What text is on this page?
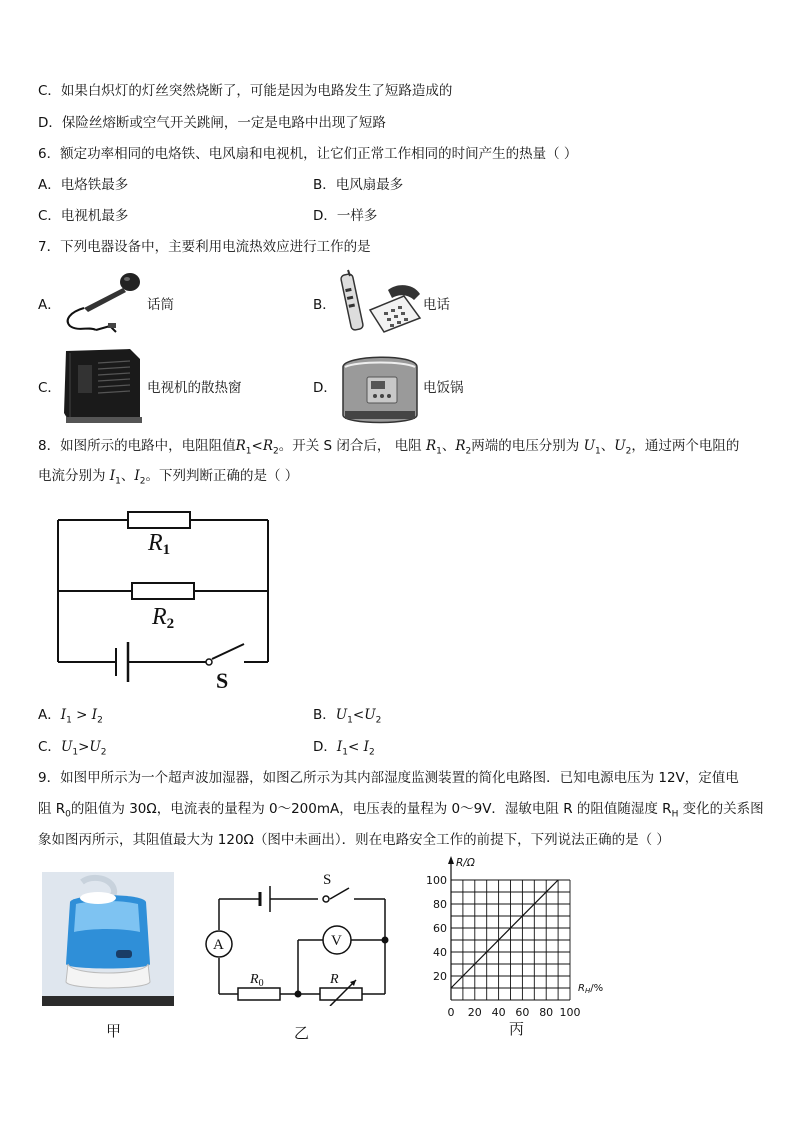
C．如果白炽灯的灯丝突然烧断了，可能是因为电路发生了短路造成的
D．保险丝熔断或空气开关跳闸，一定是电路中出现了短路
6．额定功率相同的电烙铁、电风扇和电视机，让它们正常工作相同的时间产生的热量（ ）
A．电烙铁最多	B．电风扇最多
C．电视机最多	D．一样多
7．下列电器设备中，主要利用电流热效应进行工作的是
A．	话筒	B．	电话
C．	电视机的散热窗	D．	电饭锅
8．如图所示的电路中，电阻阻值$R_1<R_2$。开关 S 闭合后， 电阻 $R_1$、$R_2$两端的电压分别为 $U_1$、$U_2$，通过两个电阻的
电流分别为 $I_1$、$I_2$。下列判断正确的是（ ）
R1
R2
S
A．$I_1 > I_2$	B．$U_1<U_2$
C．$U_1>U_2$	D．$I_1< I_2$
9．如图甲所示为一个超声波加湿器，如图乙所示为其内部湿度监测装置的简化电路图．已知电源电压为 12V，定值电
阻 $R_0$的阻值为 30Ω，电流表的量程为 0～200mA，电压表的量程为 0～9V．湿敏电阻 R 的阻值随湿度 $R_H$ 变化的关系图
象如图丙所示，其阻值最大为 120Ω（图中未画出）．则在电路安全工作的前提下，下列说法正确的是（ ）
甲
S
A	V
$R_0$	R
乙
100
80
60
40
20
0 20 40 60 80 100
R/Ω
$R_H/\%$
丙
